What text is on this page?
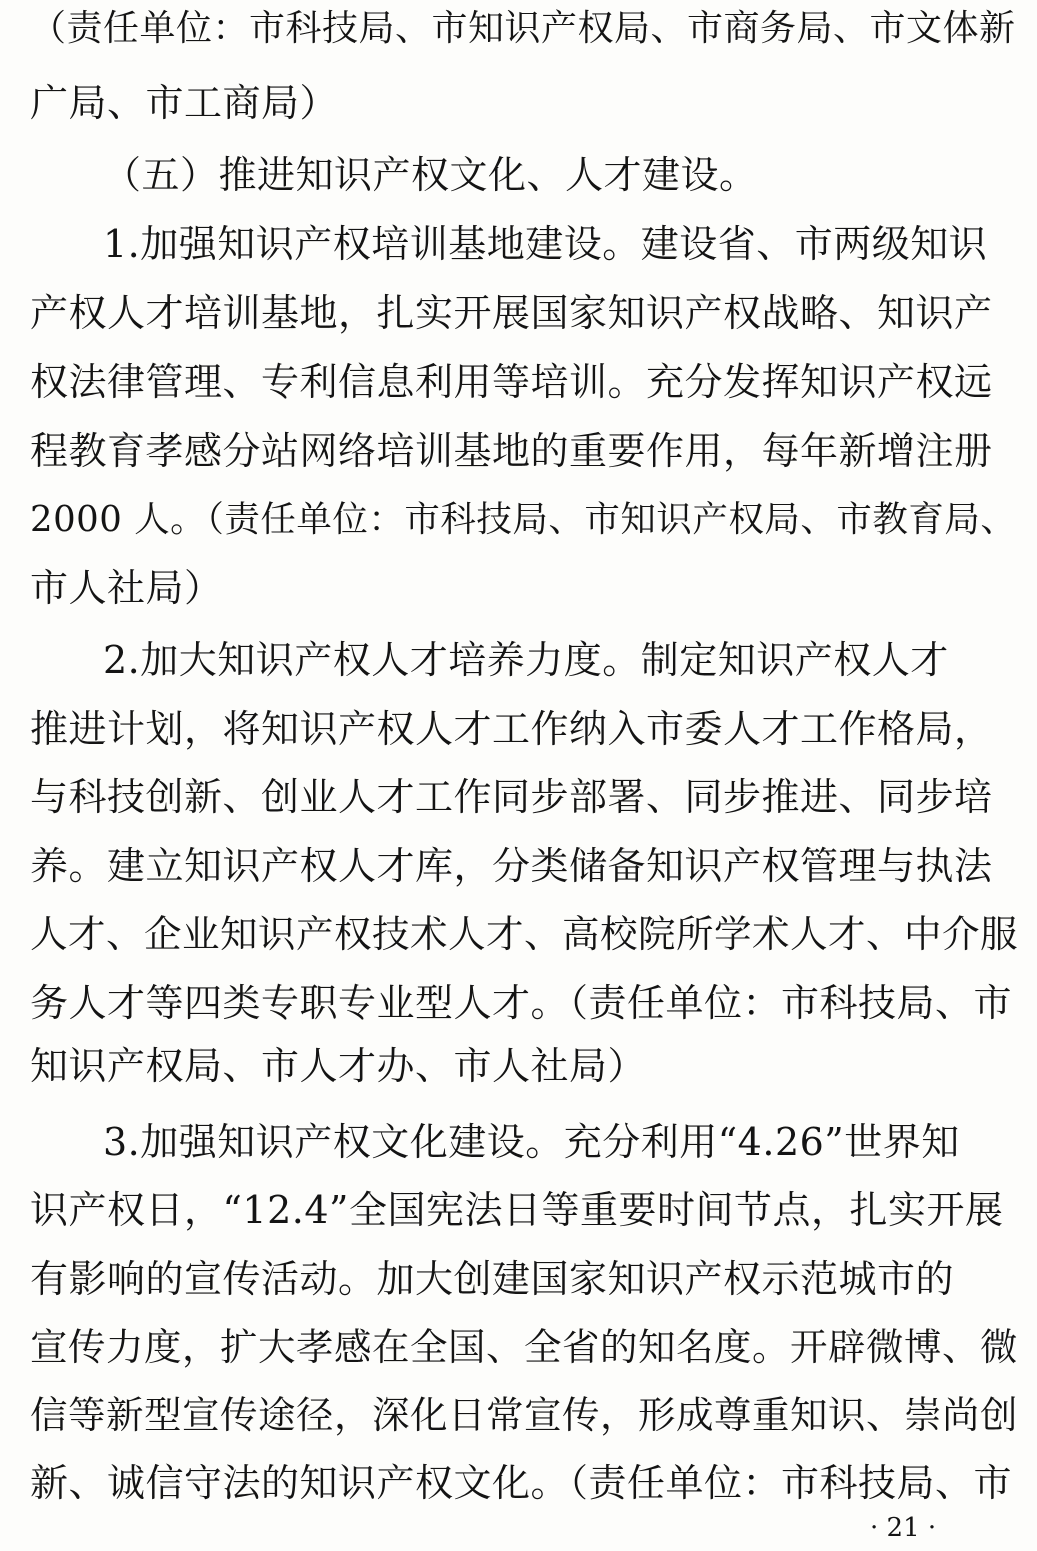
（责任单位：市科技局、市知识产权局、市商务局、市文体新
广局、市工商局）
（五）推进知识产权文化、人才建设。
1.加强知识产权培训基地建设。建设省、市两级知识
产权人才培训基地，扎实开展国家知识产权战略、知识产
权法律管理、专利信息利用等培训。充分发挥知识产权远
程教育孝感分站网络培训基地的重要作用，每年新增注册
2000 人。（责任单位：市科技局、市知识产权局、市教育局、
市人社局）
2.加大知识产权人才培养力度。制定知识产权人才
推进计划，将知识产权人才工作纳入市委人才工作格局，
与科技创新、创业人才工作同步部署、同步推进、同步培
养。建立知识产权人才库，分类储备知识产权管理与执法
人才、企业知识产权技术人才、高校院所学术人才、中介服
务人才等四类专职专业型人才。（责任单位：市科技局、市
知识产权局、市人才办、市人社局）
3.加强知识产权文化建设。充分利用“4.26”世界知
识产权日，“12.4”全国宪法日等重要时间节点，扎实开展
有影响的宣传活动。加大创建国家知识产权示范城市的
宣传力度，扩大孝感在全国、全省的知名度。开辟微博、微
信等新型宣传途径，深化日常宣传，形成尊重知识、崇尚创
新、诚信守法的知识产权文化。（责任单位：市科技局、市
· 21 ·
